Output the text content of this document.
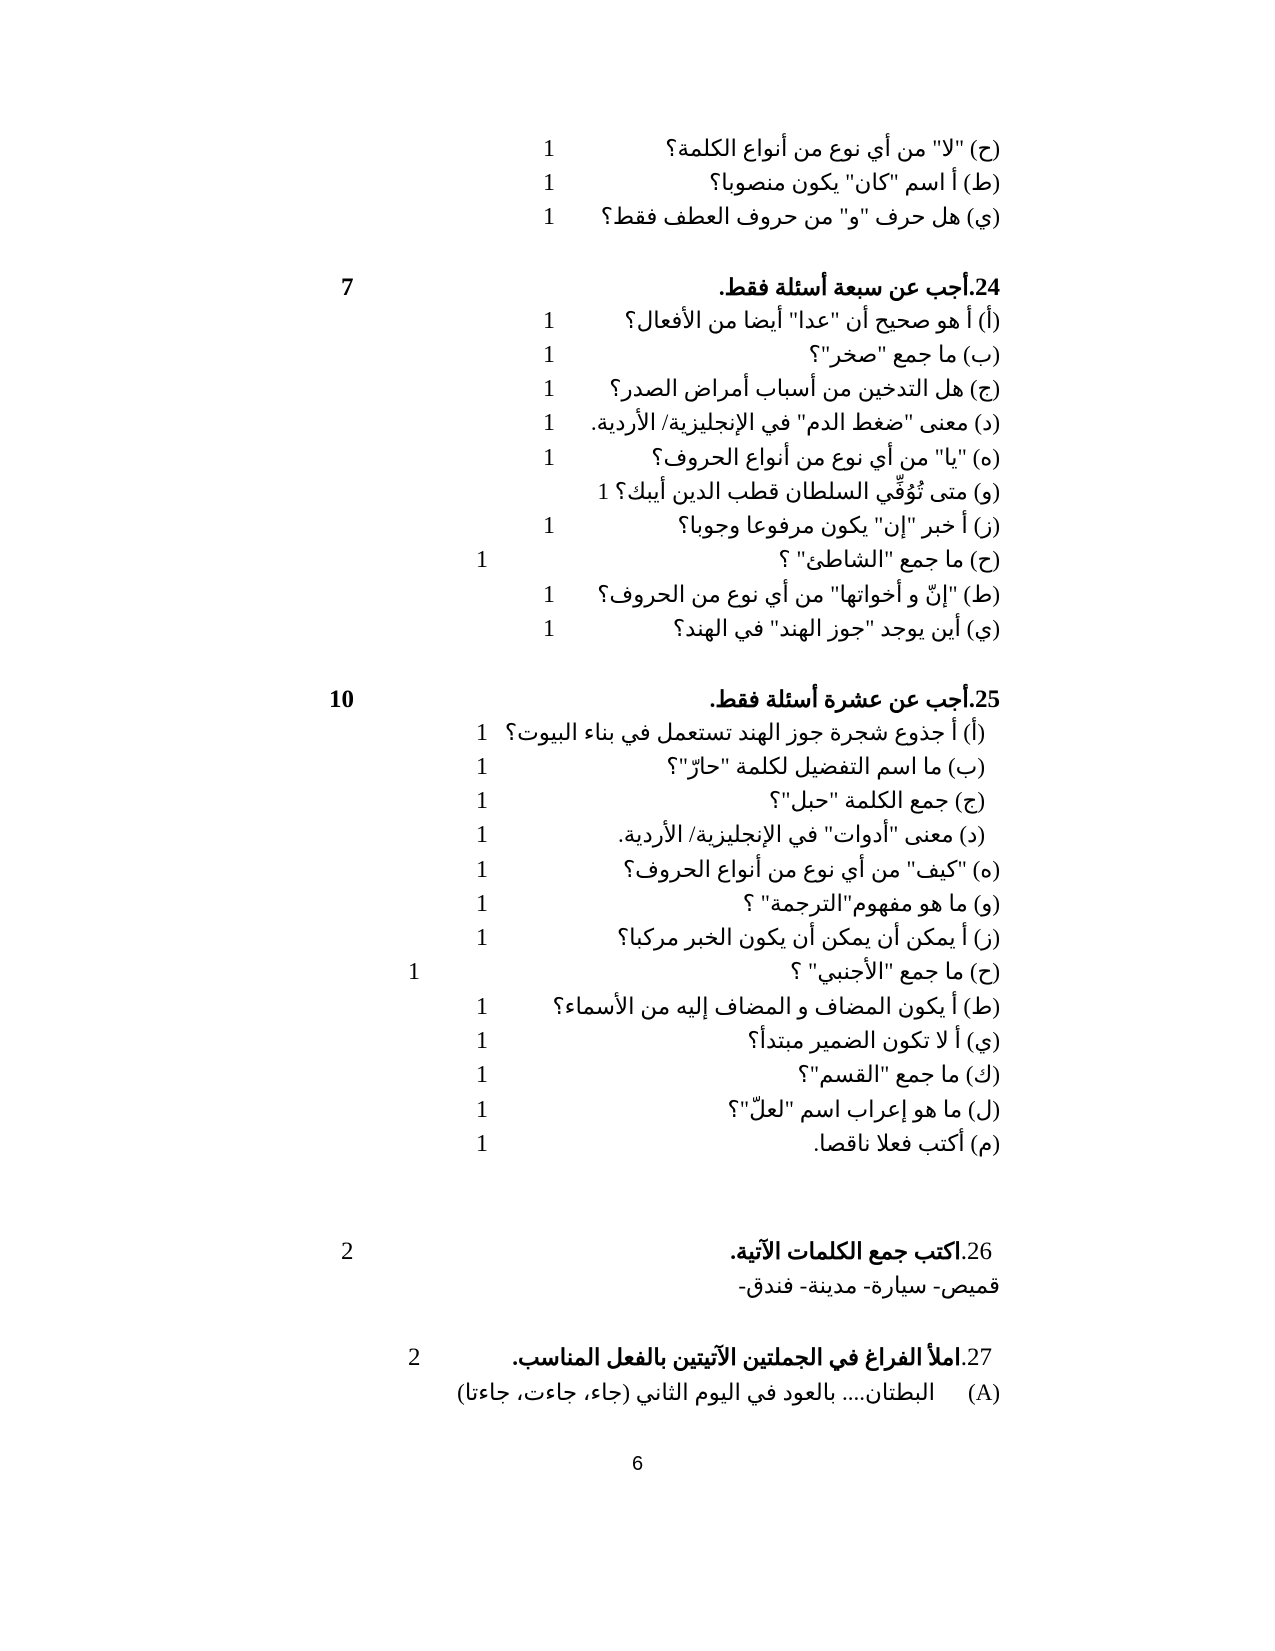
(ح) "لا" من أي نوع من أنواع الكلمة؟
1
(ط) أ اسم "كان" يكون منصوبا؟
1
(ي) هل حرف "و" من حروف العطف فقط؟
1
24.أجب عن سبعة أسئلة فقط.
7
(أ) أ هو صحيح أن "عدا" أيضا من الأفعال؟
1
(ب) ما جمع "صخر"؟
1
(ج) هل التدخين من أسباب أمراض الصدر؟
1
(د) معنى "ضغط الدم" في الإنجليزية/ الأردية.
1
(ه) "يا" من أي نوع من أنواع الحروف؟
1
(و) متى تُوُفِّي السلطان قطب الدين أيبك؟ 1
(ز) أ خبر "إن" يكون مرفوعا وجوبا؟
1
(ح) ما جمع "الشاطئ" ؟
1
(ط) "إنّ و أخواتها" من أي نوع من الحروف؟
1
(ي) أين يوجد "جوز الهند" في الهند؟
1
25.أجب عن عشرة أسئلة فقط.
10
(أ) أ جذوع شجرة جوز الهند تستعمل في بناء البيوت؟
1
(ب) ما اسم التفضيل لكلمة "حارّ"؟
1
(ج) جمع الكلمة "حبل"؟
1
(د) معنى "أدوات" في الإنجليزية/ الأردية.
1
(ه) "كيف" من أي نوع من أنواع الحروف؟
1
(و) ما هو مفهوم"الترجمة" ؟
1
(ز) أ يمكن أن يمكن أن يكون الخبر مركبا؟
1
(ح) ما جمع "الأجنبي" ؟
1
(ط) أ يكون المضاف و المضاف إليه من الأسماء؟
1
(ي) أ لا تكون الضمير مبتدأ؟
1
(ك) ما جمع "القسم"؟
1
(ل) ما هو إعراب اسم "لعلّ"؟
1
(م) أكتب فعلا ناقصا.
1
26.اكتب جمع الكلمات الآتية.
2
قميص- سيارة- مدينة- فندق-
27.املأ الفراغ في الجملتين الآتيتين بالفعل المناسب.
2
(A)
البطتان.... بالعود في اليوم الثاني (جاء، جاءت، جاءتا)
6
